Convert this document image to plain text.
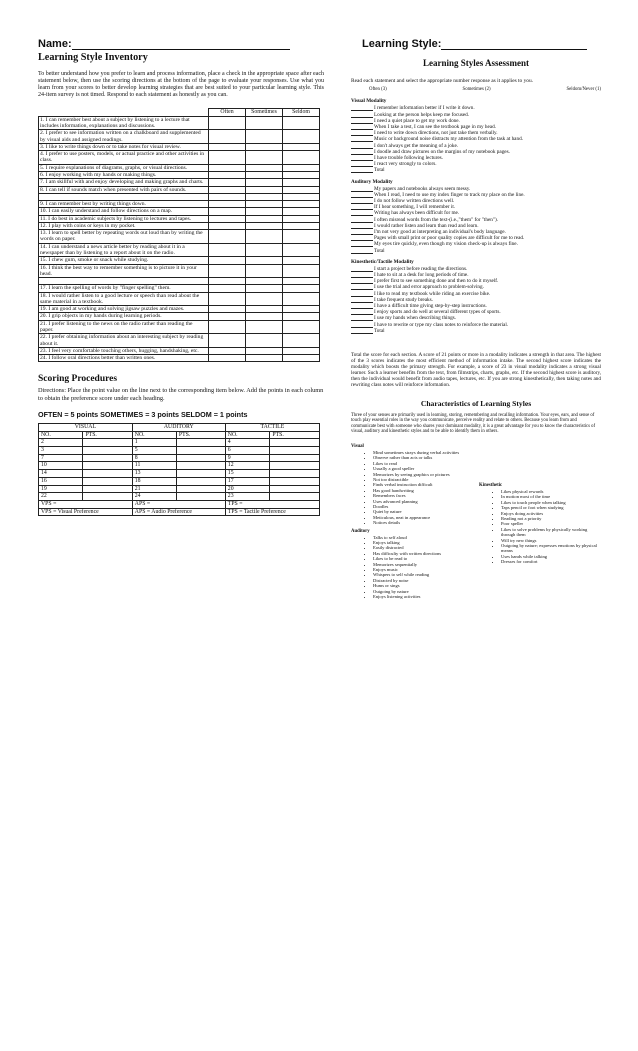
Name:	Learning Style:
Learning Style Inventory

To better understand how you prefer to learn and process information, place a check in the appropriate space after each statement below, then use the scoring directions at the bottom of the page to evaluate your responses. Use what you learn from your scores to better develop learning strategies that are best suited to your particular learning style. This 24-item survey is not timed. Respond to each statement as honestly as you can.

	Often	Sometimes	Seldom
1. I can remember best about a subject by listening to a lecture that includes information, explanations and discussions.			
2. I prefer to see information written on a chalkboard and supplemented by visual aids and assigned readings.			
3. I like to write things down or to take notes for visual review.			
4. I prefer to use posters, models, or actual practice and other activities in class.			
5. I require explanations of diagrams, graphs, or visual directions.			
6. I enjoy working with my hands or making things.			
7. I am skillful with and enjoy developing and making graphs and charts.			
8. I can tell if sounds match when presented with pairs of sounds.			

9. I can remember best by writing things down.			
10. I can easily understand and follow directions on a map.			
11. I do best in academic subjects by listening to lectures and tapes.			
12. I play with coins or keys in my pocket.			
13. I learn to spell better by repeating words out loud than by writing the words on paper.			
14. I can understand a news article better by reading about it in a newspaper than by listening to a report about it on the radio.			
15. I chew gum, smoke or snack while studying.			
16. I think the best way to remember something is to picture it in your head.			

17. I learn the spelling of words by "finger spelling" them.			
18. I would rather listen to a good lecture or speech than read about the same material in a textbook.			
19. I am good at working and solving jigsaw puzzles and mazes.			
20. I grip objects in my hands during learning periods.			
21. I prefer listening to the news on the radio rather than reading the paper.			
22. I prefer obtaining information about an interesting subject by reading about it.			
23. I feel very comfortable touching others, hugging, handshaking, etc.			
24. I follow oral directions better than written ones.			
Scoring Procedures

Directions: Place the point value on the line next to the corresponding item below. Add the points in each column to obtain the preference score under each heading.

OFTEN = 5 points SOMETIMES = 3 points SELDOM = 1 points
VISUAL		AUDITORY		TACTILE	
NO.	PTS.	NO.	PTS.	NO.	PTS.
2		1		4	
3		5		6	
7		8		9	
10		11		12	
14		13		15	
16		18		17	
19		21		20	
22		24		23	
VPS =		APS =		TPS =	
VPS = Visual Preference		APS = Audio Preference		TPS = Tactile Preference	
Learning Styles Assessment

Read each statement and select the appropriate number response as it applies to you.

Often (3)	Sometimes (2)	Seldom/Never (1)
Visual Modality
I remember information better if I write it down.
Looking at the person helps keep me focused.
I need a quiet place to get my work done.
When I take a test, I can see the textbook page in my head.
I need to write down directions, not just take them verbally.
Music or background noise distracts my attention from the task at hand.
I don't always get the meaning of a joke.
I doodle and draw pictures on the margins of my notebook pages.
I have trouble following lectures.
I react very strongly to colors.
Total
Auditory Modality
My papers and notebooks always seem messy.
When I read, I need to use my index finger to track my place on the line.
I do not follow written directions well.
If I hear something, I will remember it.
Writing has always been difficult for me.
I often misread words from the text-(i.e.,"them" for "then").
I would rather listen and learn than read and learn.
I'm not very good at interpreting an individual's body language.
Pages with small print or poor quality copies are difficult for me to read.
My eyes tire quickly, even though my vision check-up is always fine.
Total
Kinesthetic/Tactile Modality
I start a project before reading the directions.
I hate to sit at a desk for long periods of time.
I prefer first to see something done and then to do it myself.
I use the trial and error approach to problem-solving.
I like to read my textbook while riding an exercise bike.
I take frequent study breaks.
I have a difficult time giving step-by-step instructions.
I enjoy sports and do well at several different types of sports.
I use my hands when describing things.
I have to rewrite or type my class notes to reinforce the material.
Total

Total the score for each section. A score of 21 points or more in a modality indicates a strength in that area. The highest of the 3 scores indicates the most efficient method of information intake. The second highest score indicates the modality which boosts the primary strength. For example, a score of 23 in visual modality indicates a strong visual learner. Such a learner benefits from the text, from filmstrips, charts, graphs, etc. If the second highest score is auditory, then the individual would benefit from audio tapes, lectures, etc. If you are strong kinesthetically, then taking notes and rewriting class notes will reinforce information.

Characteristics of Learning Styles

Three of your senses are primarily used in learning, storing, remembering and recalling information. Your eyes, ears, and sense of touch play essential roles in the way you communicate, perceive reality and relate to others. Because you learn from and communicate best with someone who shares your dominant modality, it is a great advantage for you to know the characteristics of visual, auditory and kinesthetic styles and to be able to identify them in others.

Visual
• Mind sometimes strays during verbal activities
• Observe rather than acts or talks
• Likes to read
• Usually a good speller
• Memorizes by seeing graphics or pictures
• Not too distractible
• Finds verbal instruction difficult
• Has good handwriting
• Remembers faces
• Uses advanced planning
• Doodles
• Quiet by nature
• Meticulous, neat in appearance
• Notices details
Auditory
• Talks to self aloud
• Enjoys talking
• Easily distracted
• Has difficulty with written directions
• Likes to be read to
• Memorizes sequentially
• Enjoys music
• Whispers to self while reading
• Distracted by noise
• Hums or sings
• Outgoing by nature
• Enjoys listening activities
Kinesthetic
• Likes physical rewards
• In motion most of the time
• Likes to touch people when talking
• Taps pencil or foot when studying
• Enjoys doing activities
• Reading not a priority
• Poor speller
• Likes to solve problems by physically working through them
• Will try new things
• Outgoing by nature; expresses emotions by physical means
• Uses hands while talking
• Dresses for comfort
